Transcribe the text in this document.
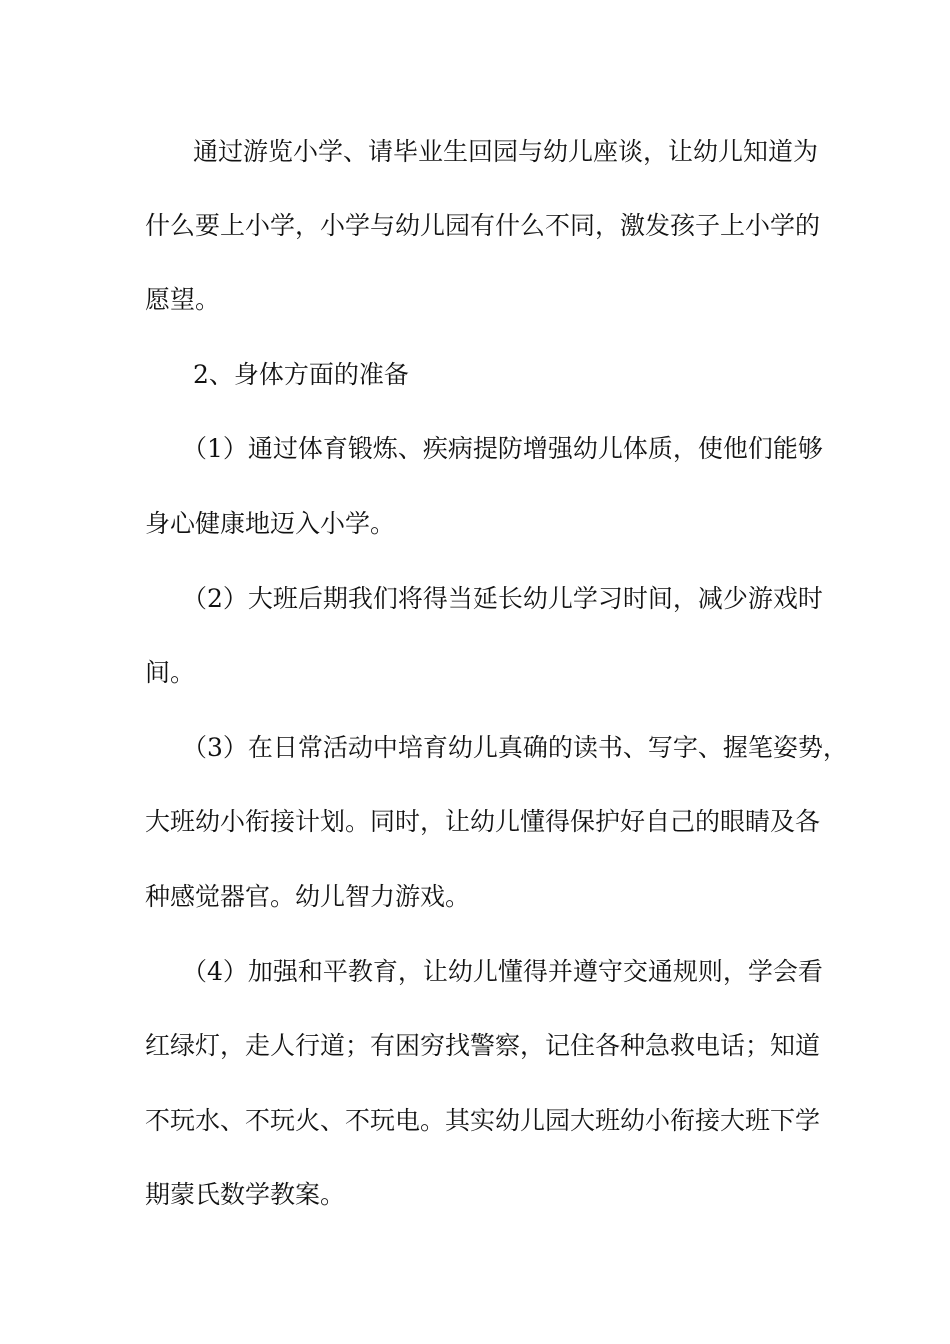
通过游览小学、请毕业生回园与幼儿座谈，让幼儿知道为
什么要上小学，小学与幼儿园有什么不同，激发孩子上小学的
愿望。
2、身体方面的准备
（1）通过体育锻炼、疾病提防增强幼儿体质，使他们能够
身心健康地迈入小学。
（2）大班后期我们将得当延长幼儿学习时间，减少游戏时
间。
（3）在日常活动中培育幼儿真确的读书、写字、握笔姿势，
大班幼小衔接计划。同时，让幼儿懂得保护好自己的眼睛及各
种感觉器官。幼儿智力游戏。
（4）加强和平教育，让幼儿懂得并遵守交通规则，学会看
红绿灯，走人行道；有困穷找警察，记住各种急救电话；知道
不玩水、不玩火、不玩电。其实幼儿园大班幼小衔接大班下学
期蒙氏数学教案。
